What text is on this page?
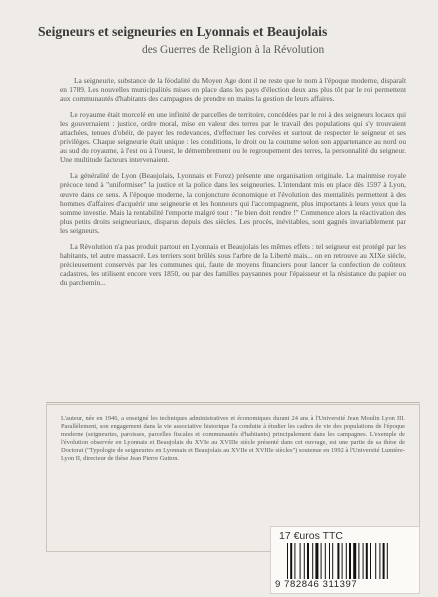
Seigneurs et seigneuries en Lyonnais et Beaujolais
des Guerres de Religion à la Révolution

La seigneurie, substance de la féodalité du Moyen Age dont il ne reste que le nom à l'époque moderne, disparaît en 1789. Les nouvelles municipalités mises en place dans les pays d'élection deux ans plus tôt par le roi permettent aux communautés d'habitants des campagnes de prendre en mains la gestion de leurs affaires.

Le royaume était morcelé en une infinité de parcelles de territoire, concédées par le roi à des seigneurs locaux qui les gouvernaient : justice, ordre moral, mise en valeur des terres par le travail des populations qui s'y trouvaient attachées, tenues d'obéir, de payer les redevances, d'effectuer les corvées et surtout de respecter le seigneur et ses privilèges. Chaque seigneurie était unique : les conditions, le droit ou la coutume selon son appartenance au nord ou au sud du royaume, à l'est ou à l'ouest, le démembrement ou le regroupement des terres, la personnalité du seigneur. Une multitude facteurs intervenaient.

La généralité de Lyon (Beaujolais, Lyonnais et Forez) présente une organisation originale. La mainmise royale précoce tend à "uniformiser" la justice et la police dans les seigneuries. L'intendant mis en place dès 1597 à Lyon, œuvre dans ce sens. A l'époque moderne, la conjoncture économique et l'évolution des mentalités permettent à des hommes d'affaires d'acquérir une seigneurie et les honneurs qui l'accompagnent, plus importants à leurs yeux que la somme investie. Mais la rentabilité l'emporte malgré tout : "le bien doit rendre !" Commence alors la réactivation des plus petits droits seigneuriaux, disparus depuis des siècles. Les procès, inévitables, sont gagnés invariablement par les seigneurs.

La Révolution n'a pas produit partout en Lyonnais et Beaujolais les mêmes effets : tel seigneur est protégé par les habitants, tel autre massacré. Les terriers sont brûlés sous l'arbre de la Liberté mais... on en retrouve au XIXe siècle, précieusement conservés par les communes qui, faute de moyens financiers pour lancer la confection de coûteux cadastres, les utilisent encore vers 1850, ou par des familles paysannes pour l'épaisseur et la résistance du papier ou du parchemin...

L'auteur, née en 1946, a enseigné les techniques administratives et économiques durant 24 ans à l'Université Jean Moulin Lyon III. Parallèlement, son engagement dans la vie associative historique l'a conduite à étudier les cadres de vie des populations de l'époque moderne (seigneuries, paroisses, parcelles fiscales et communautés d'habitants) principalement dans les campagnes. L'exemple de l'évolution observée en Lyonnais et Beaujolais du XVIe au XVIIIe siècle présenté dans cet ouvrage, est une partie de sa thèse de Doctorat ("Typologie de seigneuries en Lyonnais et Beaujolais au XVIIe et XVIIIe siècles") soutenue en 1992 à l'Université Lumière-Lyon II, directeur de thèse Jean Pierre Gutton.
17 €uros TTC
9 782846 311397
